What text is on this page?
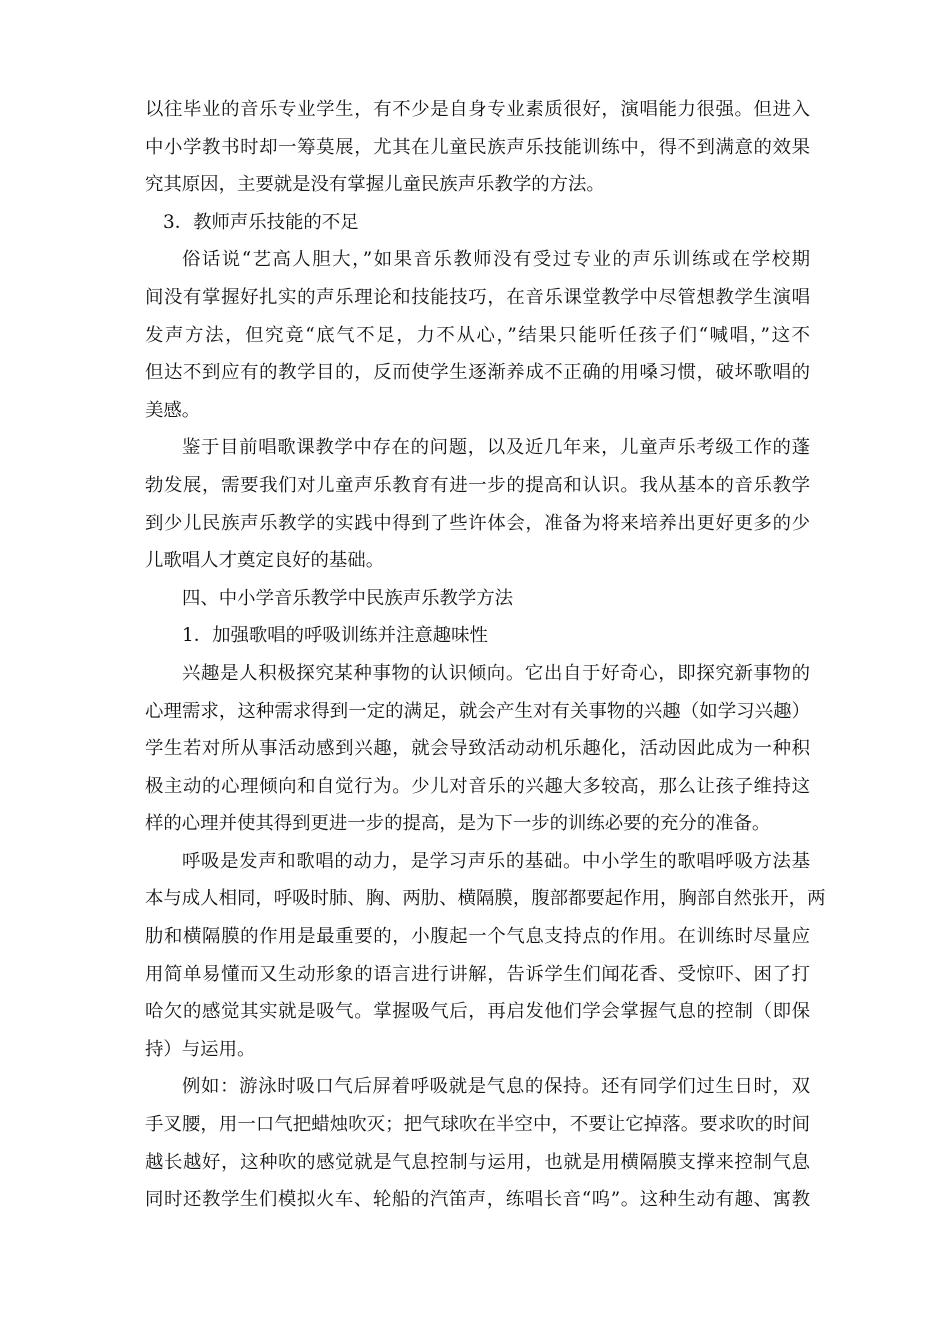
以往毕业的音乐专业学生，有不少是自身专业素质很好，演唱能力很强。但进入
中小学教书时却一筹莫展，尤其在儿童民族声乐技能训练中，得不到满意的效果
究其原因，主要就是没有掌握儿童民族声乐教学的方法。
3．教师声乐技能的不足
俗话说“艺高人胆大，”如果音乐教师没有受过专业的声乐训练或在学校期
间没有掌握好扎实的声乐理论和技能技巧，在音乐课堂教学中尽管想教学生演唱
发声方法，但究竟“底气不足，力不从心，”结果只能听任孩子们“喊唱，”这不
但达不到应有的教学目的，反而使学生逐渐养成不正确的用嗓习惯，破坏歌唱的
美感。
鉴于目前唱歌课教学中存在的问题，以及近几年来，儿童声乐考级工作的蓬
勃发展，需要我们对儿童声乐教育有进一步的提高和认识。我从基本的音乐教学
到少儿民族声乐教学的实践中得到了些许体会，准备为将来培养出更好更多的少
儿歌唱人才奠定良好的基础。
四、中小学音乐教学中民族声乐教学方法
1．加强歌唱的呼吸训练并注意趣味性
兴趣是人积极探究某种事物的认识倾向。它出自于好奇心，即探究新事物的
心理需求，这种需求得到一定的满足，就会产生对有关事物的兴趣（如学习兴趣）
学生若对所从事活动感到兴趣，就会导致活动动机乐趣化，活动因此成为一种积
极主动的心理倾向和自觉行为。少儿对音乐的兴趣大多较高，那么让孩子维持这
样的心理并使其得到更进一步的提高，是为下一步的训练必要的充分的准备。
呼吸是发声和歌唱的动力，是学习声乐的基础。中小学生的歌唱呼吸方法基
本与成人相同，呼吸时肺、胸、两肋、横隔膜，腹部都要起作用，胸部自然张开，两
肋和横隔膜的作用是最重要的，小腹起一个气息支持点的作用。在训练时尽量应
用简单易懂而又生动形象的语言进行讲解，告诉学生们闻花香、受惊吓、困了打
哈欠的感觉其实就是吸气。掌握吸气后，再启发他们学会掌握气息的控制（即保
持）与运用。
例如：游泳时吸口气后屏着呼吸就是气息的保持。还有同学们过生日时，双
手叉腰，用一口气把蜡烛吹灭；把气球吹在半空中，不要让它掉落。要求吹的时间
越长越好，这种吹的感觉就是气息控制与运用，也就是用横隔膜支撑来控制气息
同时还教学生们模拟火车、轮船的汽笛声，练唱长音“呜”。这种生动有趣、寓教
